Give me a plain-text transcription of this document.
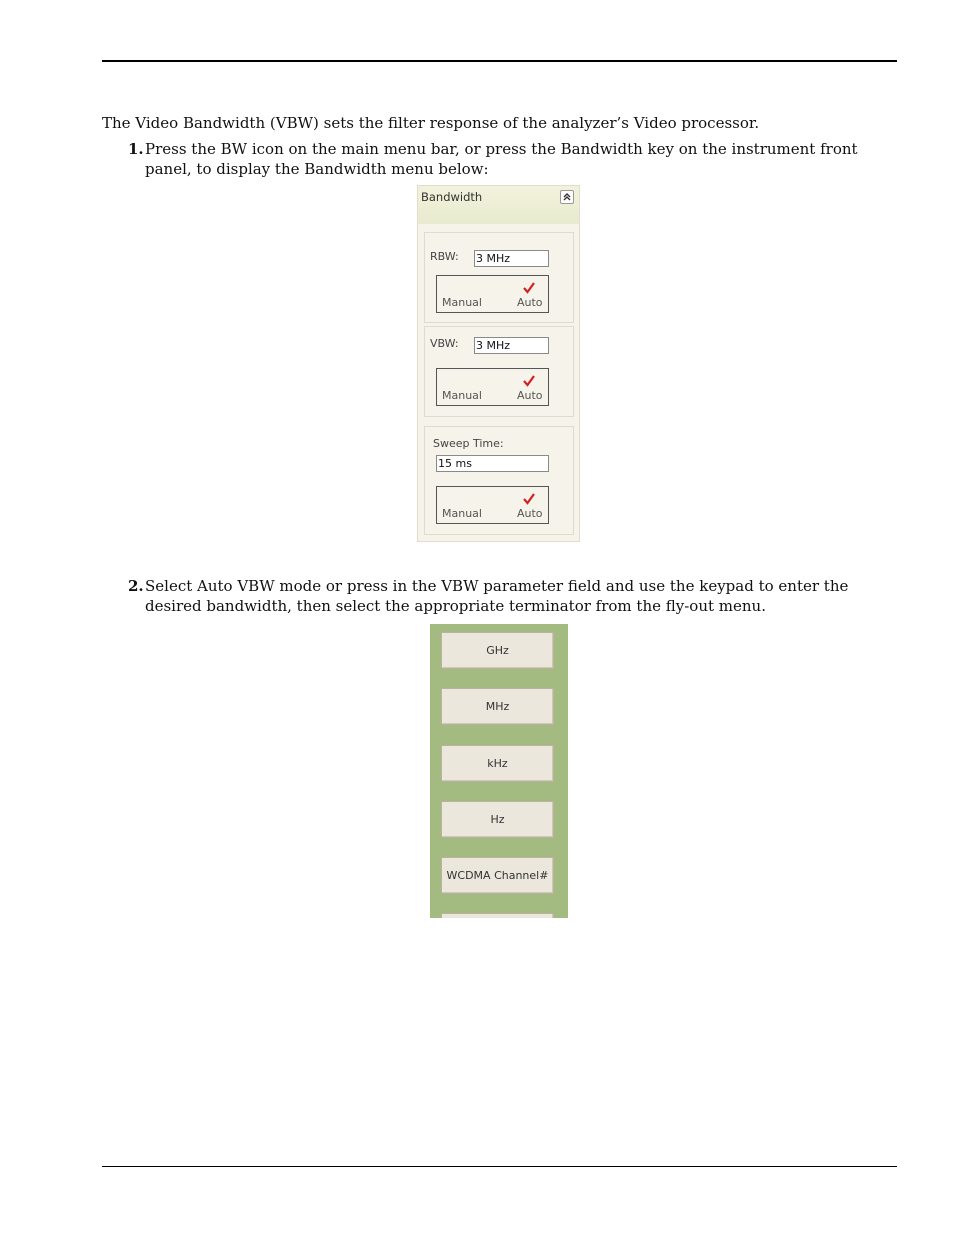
The Video Bandwidth (VBW) sets the filter response of the analyzer’s Video processor.
1. Press the BW icon on the main menu bar, or press the Bandwidth key on the instrument front panel, to display the Bandwidth menu below:
Bandwidth
RBW: 3 MHz
Manual	Auto
VBW: 3 MHz
Manual	Auto
Sweep Time:
15 ms
Manual	Auto
2. Select Auto VBW mode or press in the VBW parameter field and use the keypad to enter the desired bandwidth, then select the appropriate terminator from the fly-out menu.
GHz
MHz
kHz
Hz
WCDMA Channel#
